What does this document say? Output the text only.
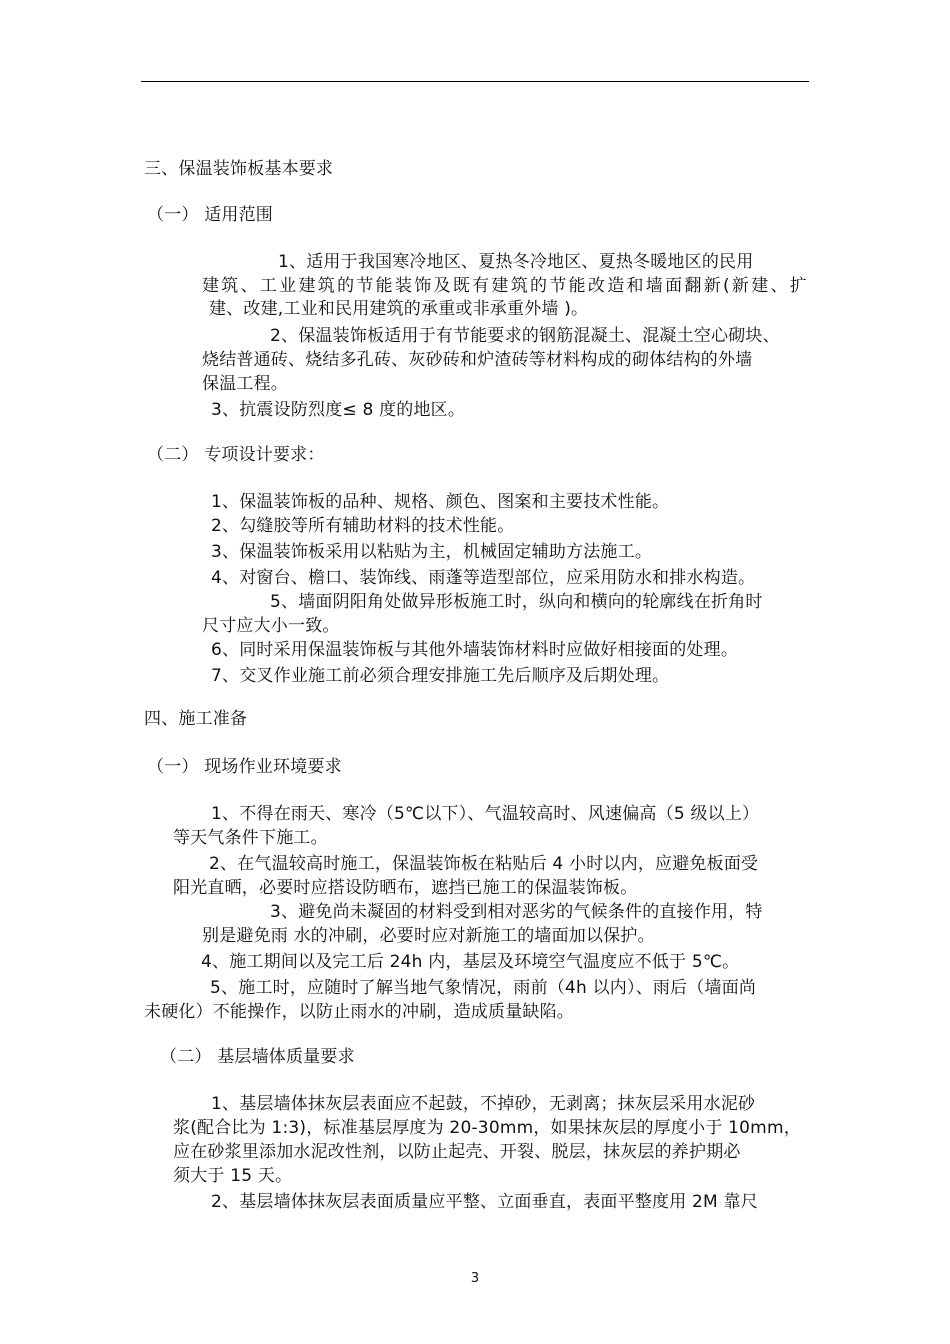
三、保温装饰板基本要求
（一） 适用范围
1、适用于我国寒冷地区、夏热冬冷地区、夏热冬暖地区的民用
建筑、工业建筑的节能装饰及既有建筑的节能改造和墙面翻新(新建、扩
建、改建,工业和民用建筑的承重或非承重外墙 )。
2、保温装饰板适用于有节能要求的钢筋混凝土、混凝土空心砌块、
烧结普通砖、烧结多孔砖、灰砂砖和炉渣砖等材料构成的砌体结构的外墙
保温工程。
3、抗震设防烈度≤ 8 度的地区。
（二） 专项设计要求：
1、保温装饰板的品种、规格、颜色、图案和主要技术性能。
2、勾缝胶等所有辅助材料的技术性能。
3、保温装饰板采用以粘贴为主，机械固定辅助方法施工。
4、对窗台、檐口、装饰线、雨蓬等造型部位，应采用防水和排水构造。
5、墙面阴阳角处做异形板施工时，纵向和横向的轮廓线在折角时
尺寸应大小一致。
6、同时采用保温装饰板与其他外墙装饰材料时应做好相接面的处理。
7、交叉作业施工前必须合理安排施工先后顺序及后期处理。
四、施工准备
（一） 现场作业环境要求
1、不得在雨天、寒冷（5℃以下）、气温较高时、风速偏高（5 级以上）
等天气条件下施工。
2、在气温较高时施工，保温装饰板在粘贴后 4 小时以内，应避免板面受
阳光直晒，必要时应搭设防晒布，遮挡已施工的保温装饰板。
3、避免尚未凝固的材料受到相对恶劣的气候条件的直接作用，特
别是避免雨 水的冲刷，必要时应对新施工的墙面加以保护。
4、施工期间以及完工后 24h 内，基层及环境空气温度应不低于 5℃。
5、施工时，应随时了解当地气象情况，雨前（4h 以内）、雨后（墙面尚
未硬化）不能操作，以防止雨水的冲刷，造成质量缺陷。
（二） 基层墙体质量要求
1、基层墙体抹灰层表面应不起鼓，不掉砂，无剥离；抹灰层采用水泥砂
浆(配合比为 1:3)，标准基层厚度为 20-30mm，如果抹灰层的厚度小于 10mm，
应在砂浆里添加水泥改性剂，以防止起壳、开裂、脱层，抹灰层的养护期必
须大于 15 天。
2、基层墙体抹灰层表面质量应平整、立面垂直，表面平整度用 2M 靠尺
3
